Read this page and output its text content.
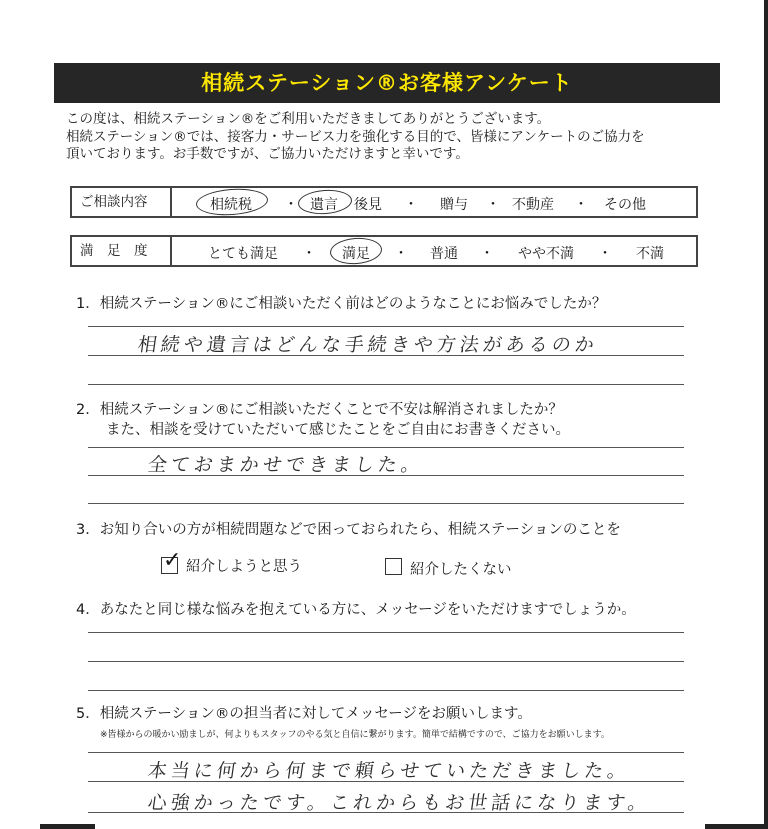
相続ステーション®お客様アンケート
この度は、相続ステーション®をご利用いただきましてありがとうございます。
相続ステーション®では、接客力・サービス力を強化する目的で、皆様にアンケートのご協力を
頂いております。お手数ですが、ご協力いただけますと幸いです。
ご相談内容	相続税 ・ 遺言 後見 ・ 贈与 ・ 不動産 ・ その他
満　足　度	とても満足 ・ 満足 ・ 普通 ・ やや不満 ・ 不満
1．相続ステーション®にご相談いただく前はどのようなことにお悩みでしたか？
相続や遺言はどんな手続きや方法があるのか
2．相続ステーション®にご相談いただくことで不安は解消されましたか？
また、相談を受けていただいて感じたことをご自由にお書きください。
全ておまかせできました。
3．お知り合いの方が相続問題などで困っておられたら、相続ステーションのことを
✓ 紹介しようと思う	紹介したくない
4．あなたと同じ様な悩みを抱えている方に、メッセージをいただけますでしょうか。
5．相続ステーション®の担当者に対してメッセージをお願いします。
※皆様からの暖かい励ましが、何よりもスタッフのやる気と自信に繋がります。簡単で結構ですので、ご協力をお願いします。
本当に何から何まで頼らせていただきました。
心強かったです。これからもお世話になります。
